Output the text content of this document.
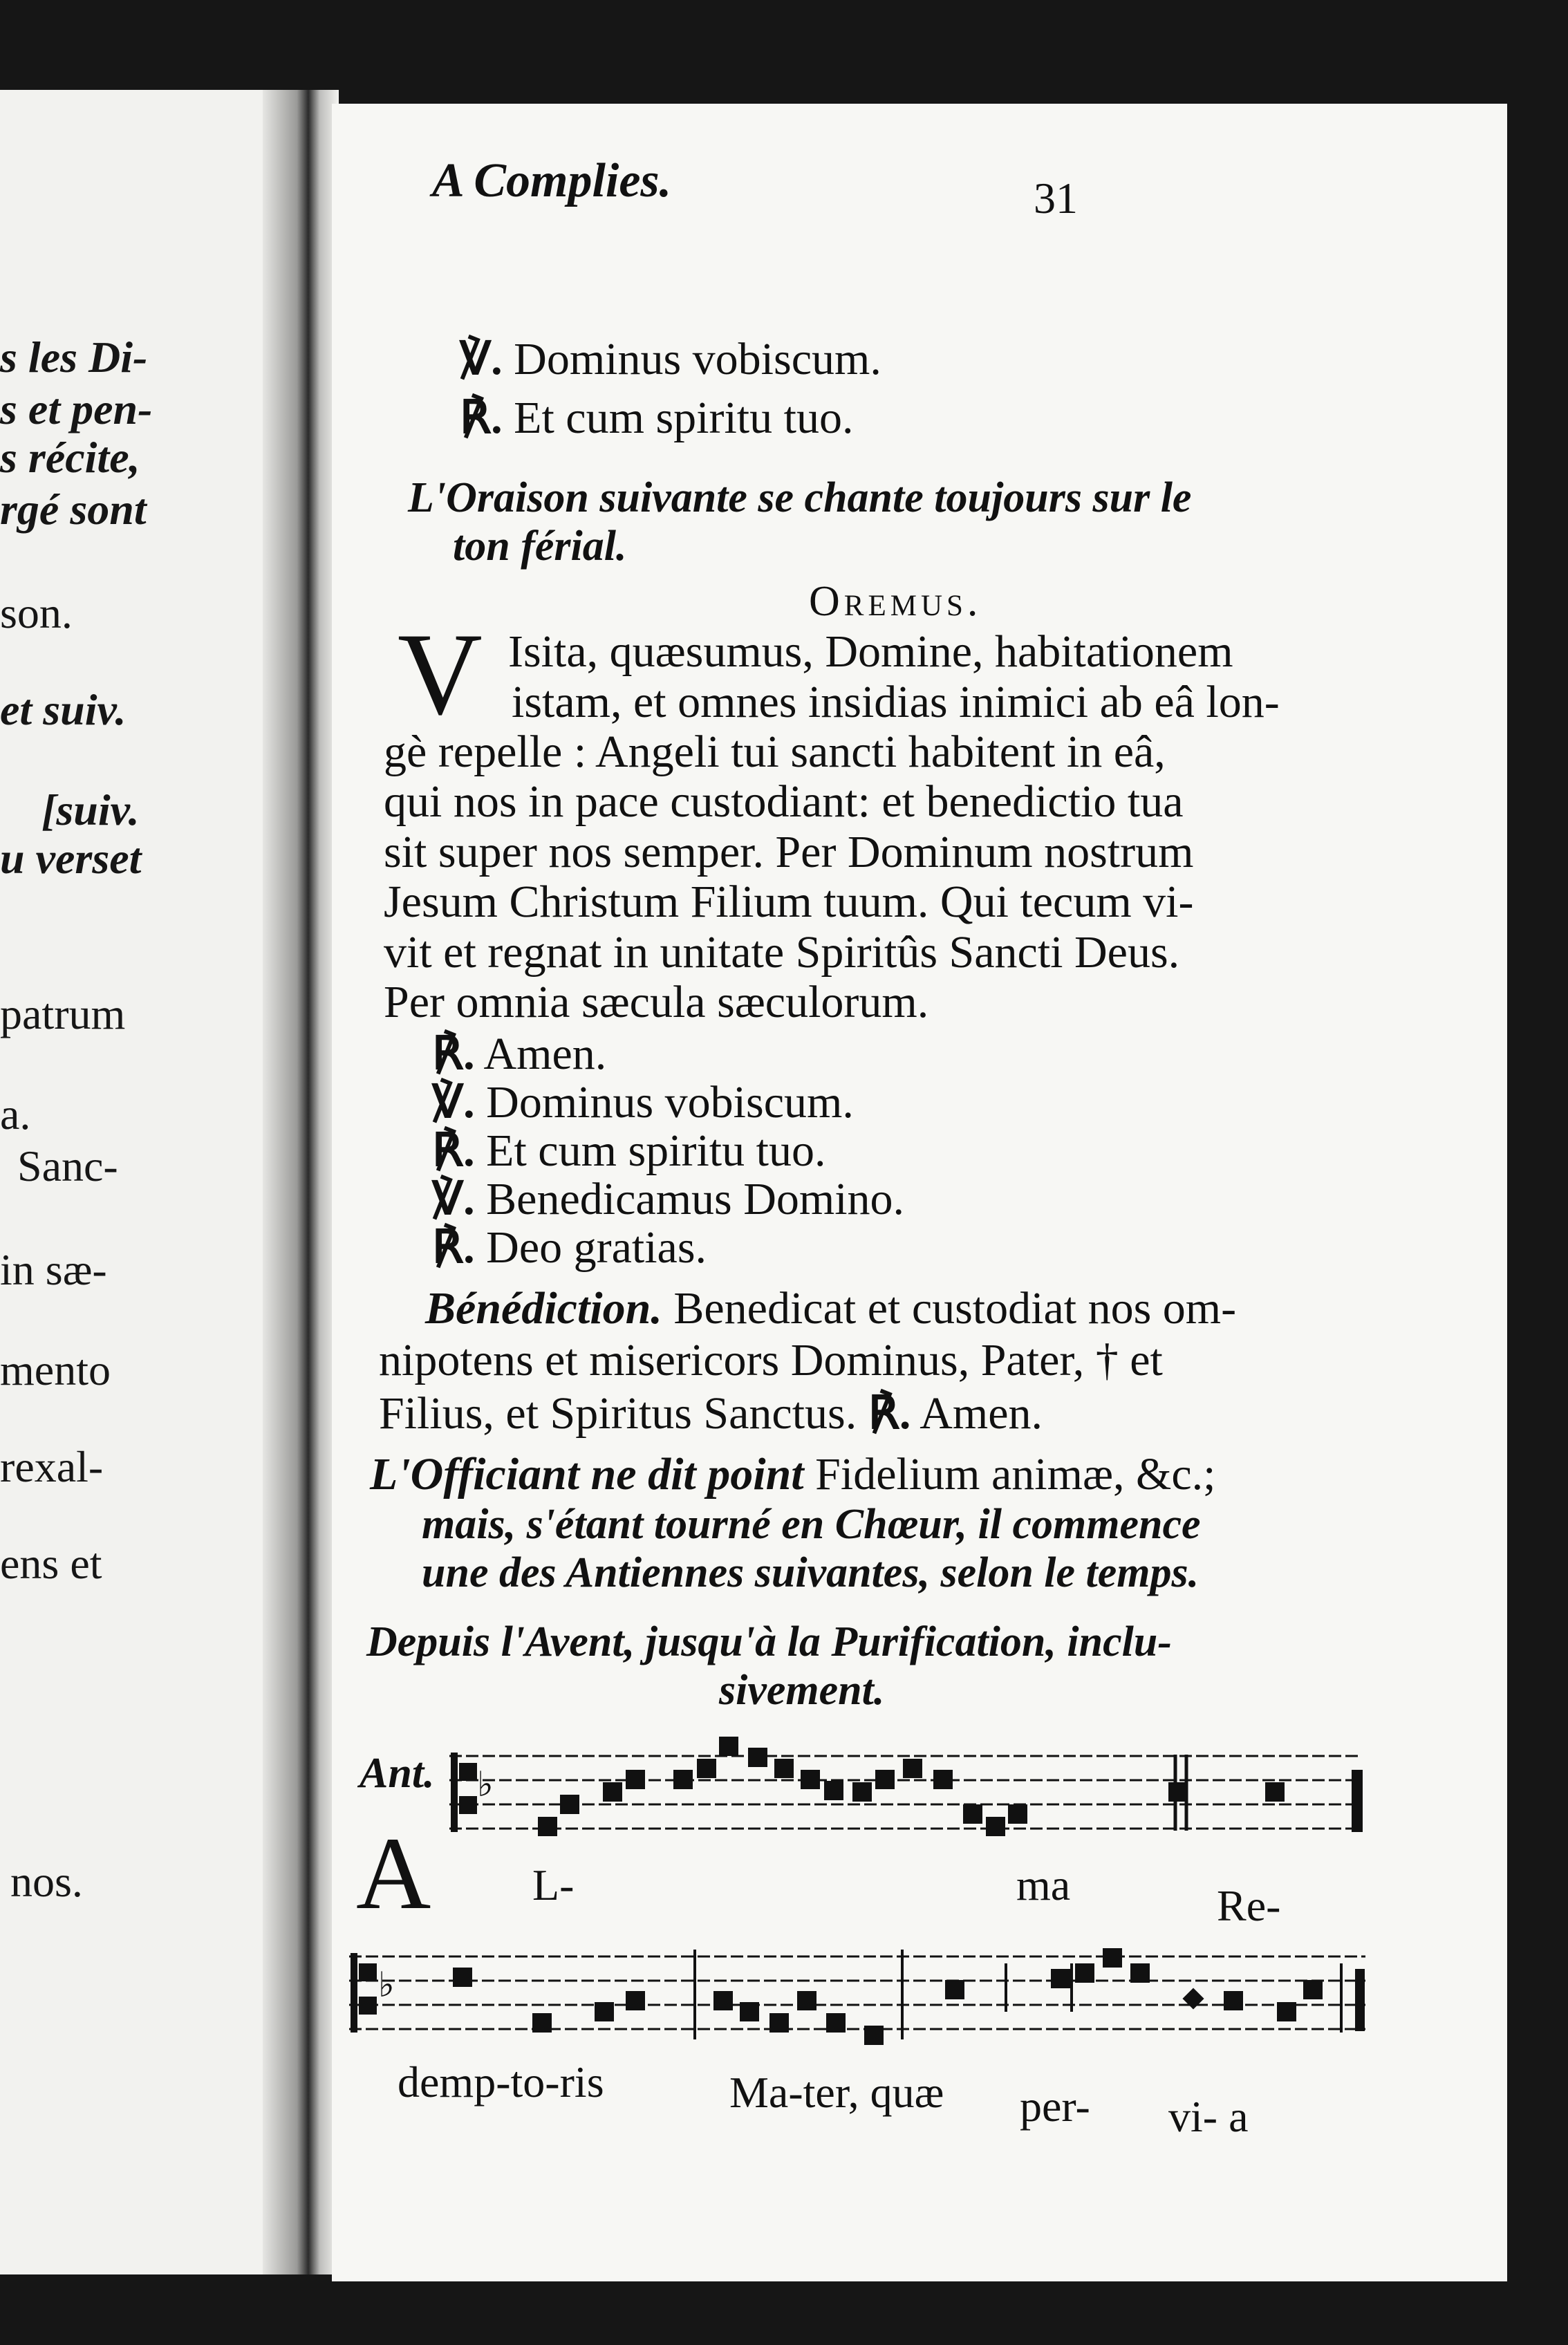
s les Di-
s et pen-
s récite,
rgé sont
son.
et suiv.
[suiv.
u verset
patrum
a.
Sanc-
in sæ-
mento
rexal-
ens et
nos.
A Complies.	31
℣. Dominus vobiscum.
℟. Et cum spiritu tuo.
L'Oraison suivante se chante toujours sur le
ton férial.
Oremus.
V Isita, quæsumus, Domine, habitationem
istam, et omnes insidias inimici ab eâ lon-
gè repelle : Angeli tui sancti habitent in eâ,
qui nos in pace custodiant: et benedictio tua
sit super nos semper. Per Dominum nostrum
Jesum Christum Filium tuum. Qui tecum vi-
vit et regnat in unitate Spiritûs Sancti Deus.
Per omnia sæcula sæculorum.
℟. Amen.
℣. Dominus vobiscum.
℟. Et cum spiritu tuo.
℣. Benedicamus Domino.
℟. Deo gratias.
Bénédiction. Benedicat et custodiat nos om-
nipotens et misericors Dominus, Pater, † et
Filius, et Spiritus Sanctus. ℟. Amen.
L'Officiant ne dit point Fidelium animæ, &c.;
mais, s'étant tourné en Chœur, il commence
une des Antiennes suivantes, selon le temps.
Depuis l'Avent, jusqu'à la Purification, inclu-
sivement.
Ant. ♭
A L-	ma	Re-
♭
demp-to-ris	Ma-ter, quæ per- vi- a
